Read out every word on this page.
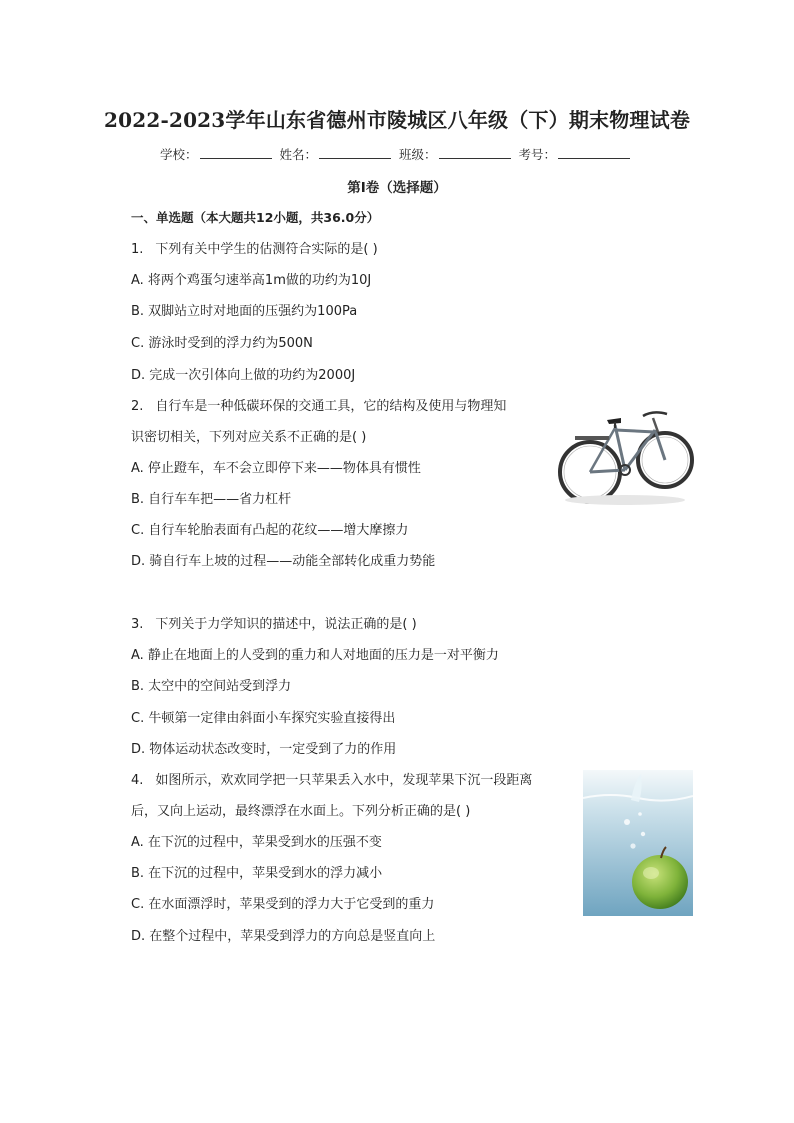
2022-2023学年山东省德州市陵城区八年级（下）期末物理试卷
学校：	姓名：	班级：	考号：
第I卷（选择题）
一、单选题（本大题共12小题，共36.0分）
1. 下列有关中学生的估测符合实际的是( )
A. 将两个鸡蛋匀速举高1m做的功约为10J
B. 双脚站立时对地面的压强约为100Pa
C. 游泳时受到的浮力约为500N
D. 完成一次引体向上做的功约为2000J
2. 自行车是一种低碳环保的交通工具，它的结构及使用与物理知
识密切相关，下列对应关系不正确的是( )
A. 停止蹬车，车不会立即停下来——物体具有惯性
B. 自行车车把——省力杠杆
C. 自行车轮胎表面有凸起的花纹——增大摩擦力
D. 骑自行车上坡的过程——动能全部转化成重力势能
3. 下列关于力学知识的描述中，说法正确的是( )
A. 静止在地面上的人受到的重力和人对地面的压力是一对平衡力
B. 太空中的空间站受到浮力
C. 牛顿第一定律由斜面小车探究实验直接得出
D. 物体运动状态改变时，一定受到了力的作用
4. 如图所示，欢欢同学把一只苹果丢入水中，发现苹果下沉一段距离
后，又向上运动，最终漂浮在水面上。下列分析正确的是( )
A. 在下沉的过程中，苹果受到水的压强不变
B. 在下沉的过程中，苹果受到水的浮力减小
C. 在水面漂浮时，苹果受到的浮力大于它受到的重力
D. 在整个过程中，苹果受到浮力的方向总是竖直向上
